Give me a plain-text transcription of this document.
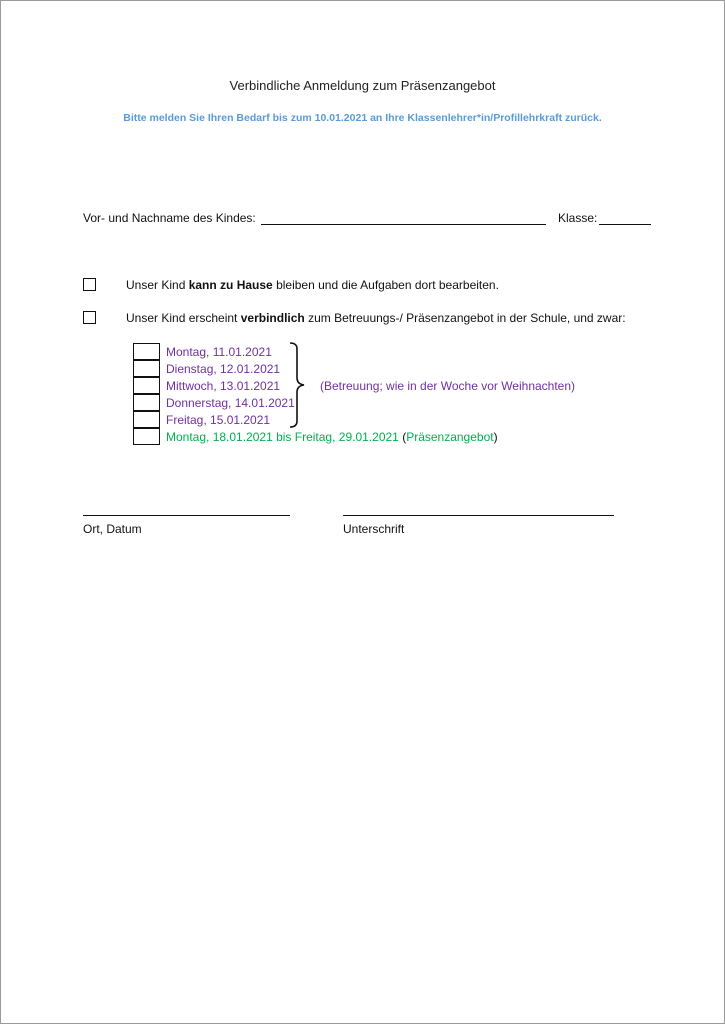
Verbindliche Anmeldung zum Präsenzangebot
Bitte melden Sie Ihren Bedarf bis zum 10.01.2021 an Ihre Klassenlehrer*in/Profillehrkraft zurück.
Vor- und Nachname des Kindes:	Klasse:
Unser Kind kann zu Hause bleiben und die Aufgaben dort bearbeiten.
Unser Kind erscheint verbindlich zum Betreuungs-/ Präsenzangebot in der Schule, und zwar:
Montag, 11.01.2021
Dienstag, 12.01.2021
Mittwoch, 13.01.2021
Donnerstag, 14.01.2021
Freitag, 15.01.2021
(Betreuung; wie in der Woche vor Weihnachten)
Montag, 18.01.2021 bis Freitag, 29.01.2021 (Präsenzangebot)
Ort, Datum	Unterschrift
